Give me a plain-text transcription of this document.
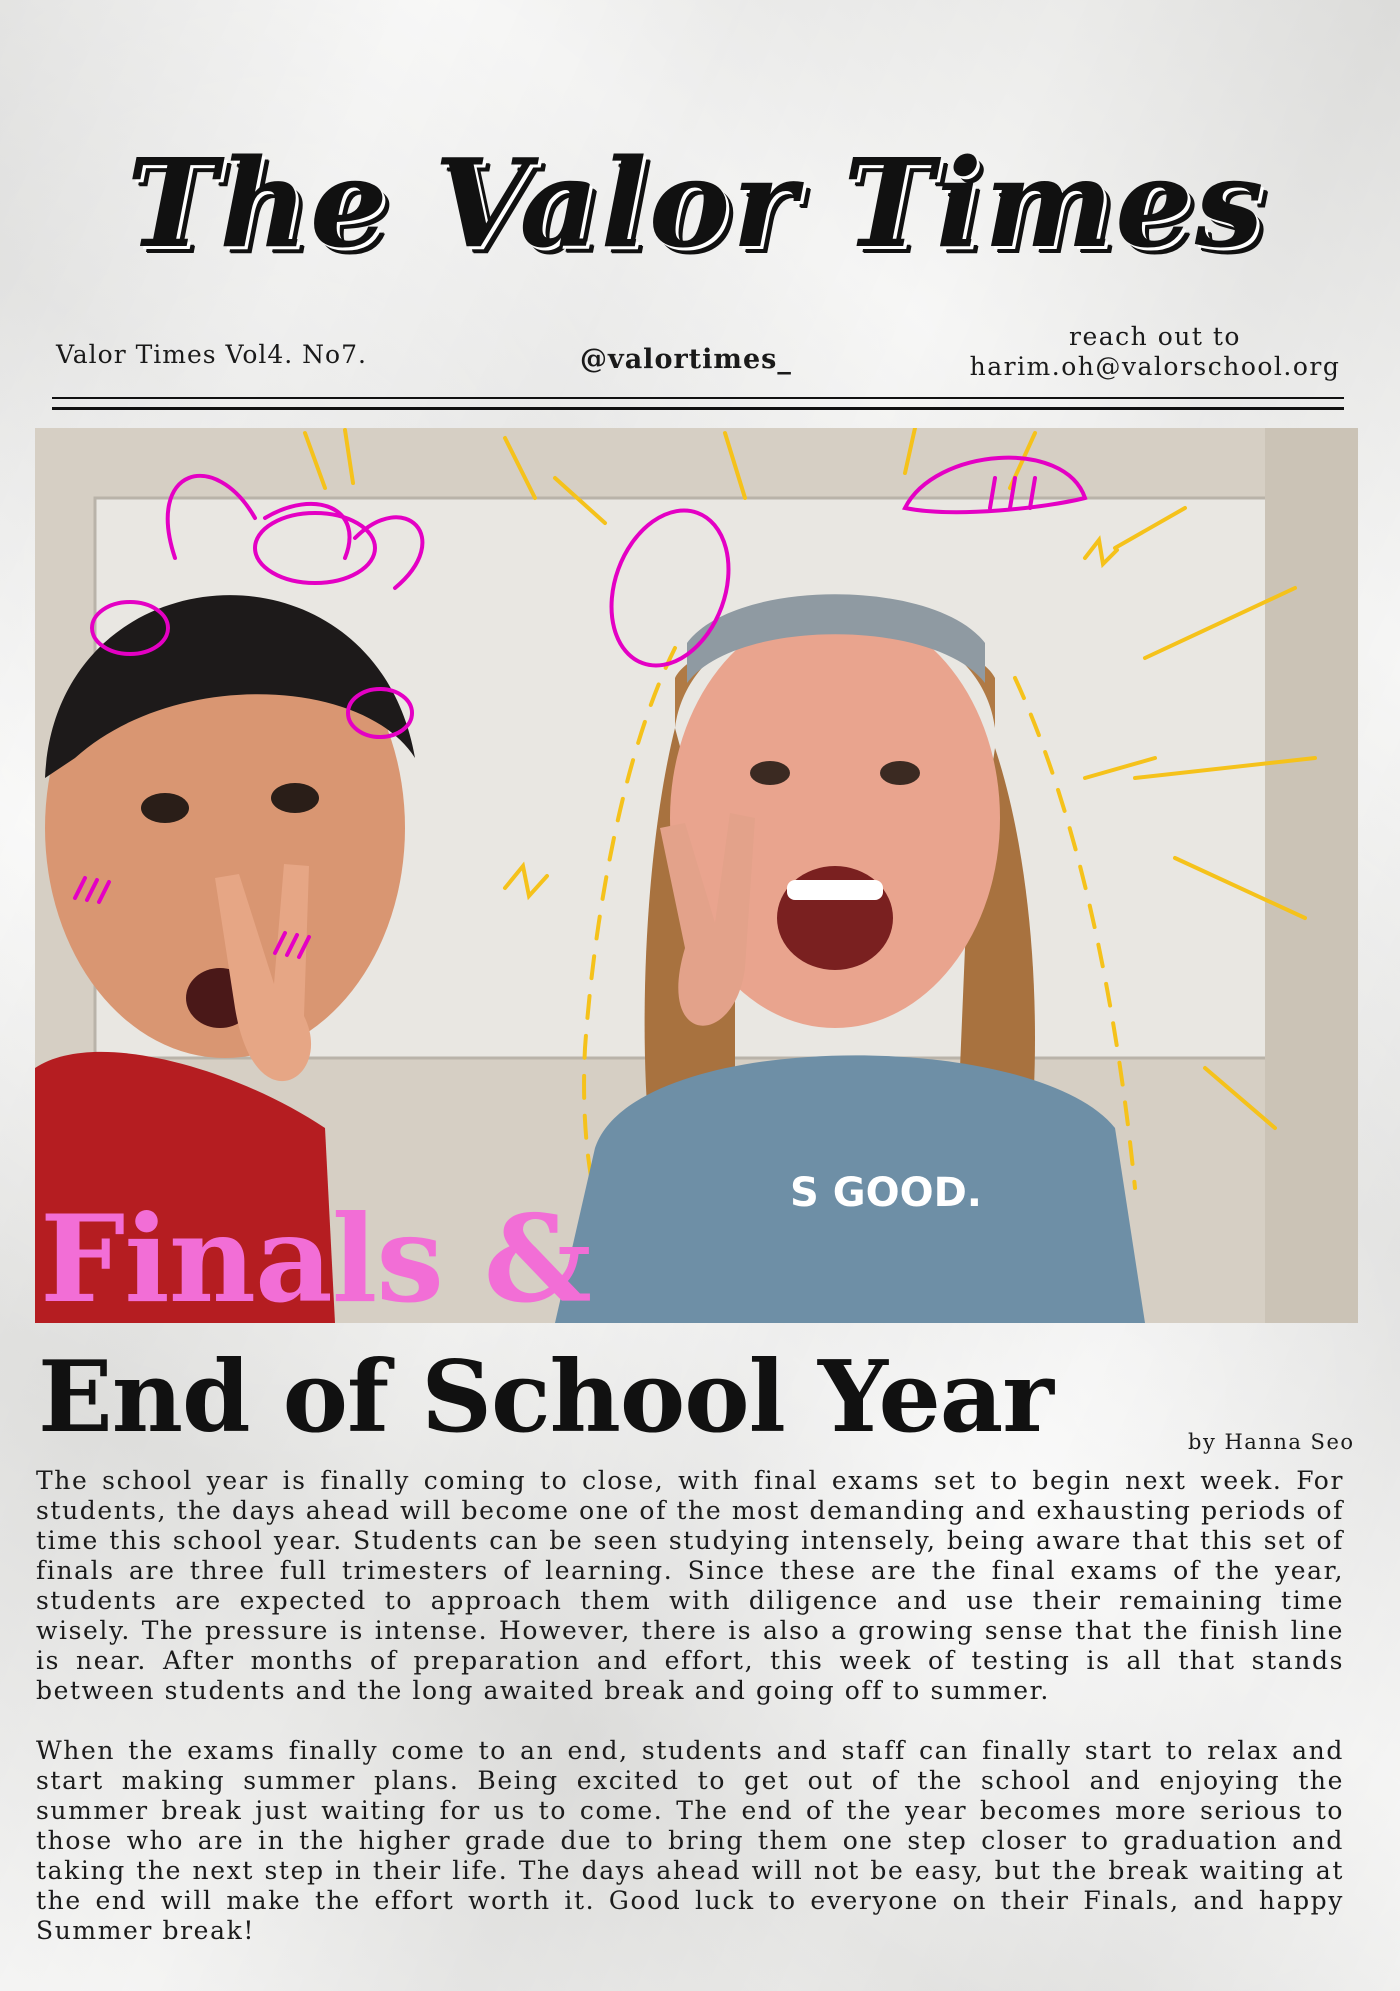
The Valor Times
Valor Times Vol4. No7.	@valortimes_
reach out to
harim.oh@valorschool.org
S GOOD.
Finals &
End of School Year	by Hanna Seo

The school year is finally coming to close, with final exams set to begin next week. For students, the days ahead will become one of the most demanding and exhausting periods of time this school year. Students can be seen studying intensely, being aware that this set of finals are three full trimesters of learning. Since these are the final exams of the year, students are expected to approach them with diligence and use their remaining time wisely. The pressure is intense. However, there is also a growing sense that the finish line is near. After months of preparation and effort, this week of testing is all that stands between students and the long awaited break and going off to summer.

When the exams finally come to an end, students and staff can finally start to relax and start making summer plans. Being excited to get out of the school and enjoying the summer break just waiting for us to come. The end of the year becomes more serious to those who are in the higher grade due to bring them one step closer to graduation and taking the next step in their life. The days ahead will not be easy, but the break waiting at the end will make the effort worth it. Good luck to everyone on their Finals, and happy Summer break!
